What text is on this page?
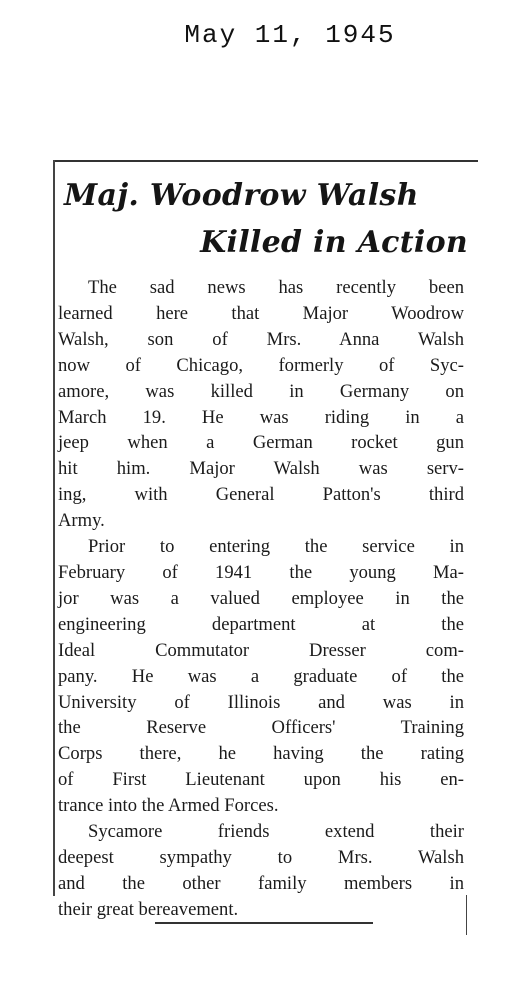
May 11, 1945
Maj. Woodrow Walsh
Killed in Action

The sad news has recently been
learned here that Major Woodrow
Walsh, son of Mrs. Anna Walsh
now of Chicago, formerly of Syc-
amore, was killed in Germany on
March 19. He was riding in a
jeep when a German rocket gun
hit him. Major Walsh was serv-
ing, with General Patton's third
Army.

Prior to entering the service in
February of 1941 the young Ma-
jor was a valued employee in the
engineering department at the
Ideal Commutator Dresser com-
pany. He was a graduate of the
University of Illinois and was in
the Reserve Officers' Training
Corps there, he having the rating
of First Lieutenant upon his en-
trance into the Armed Forces.

Sycamore friends extend their
deepest sympathy to Mrs. Walsh
and the other family members in
their great bereavement.
